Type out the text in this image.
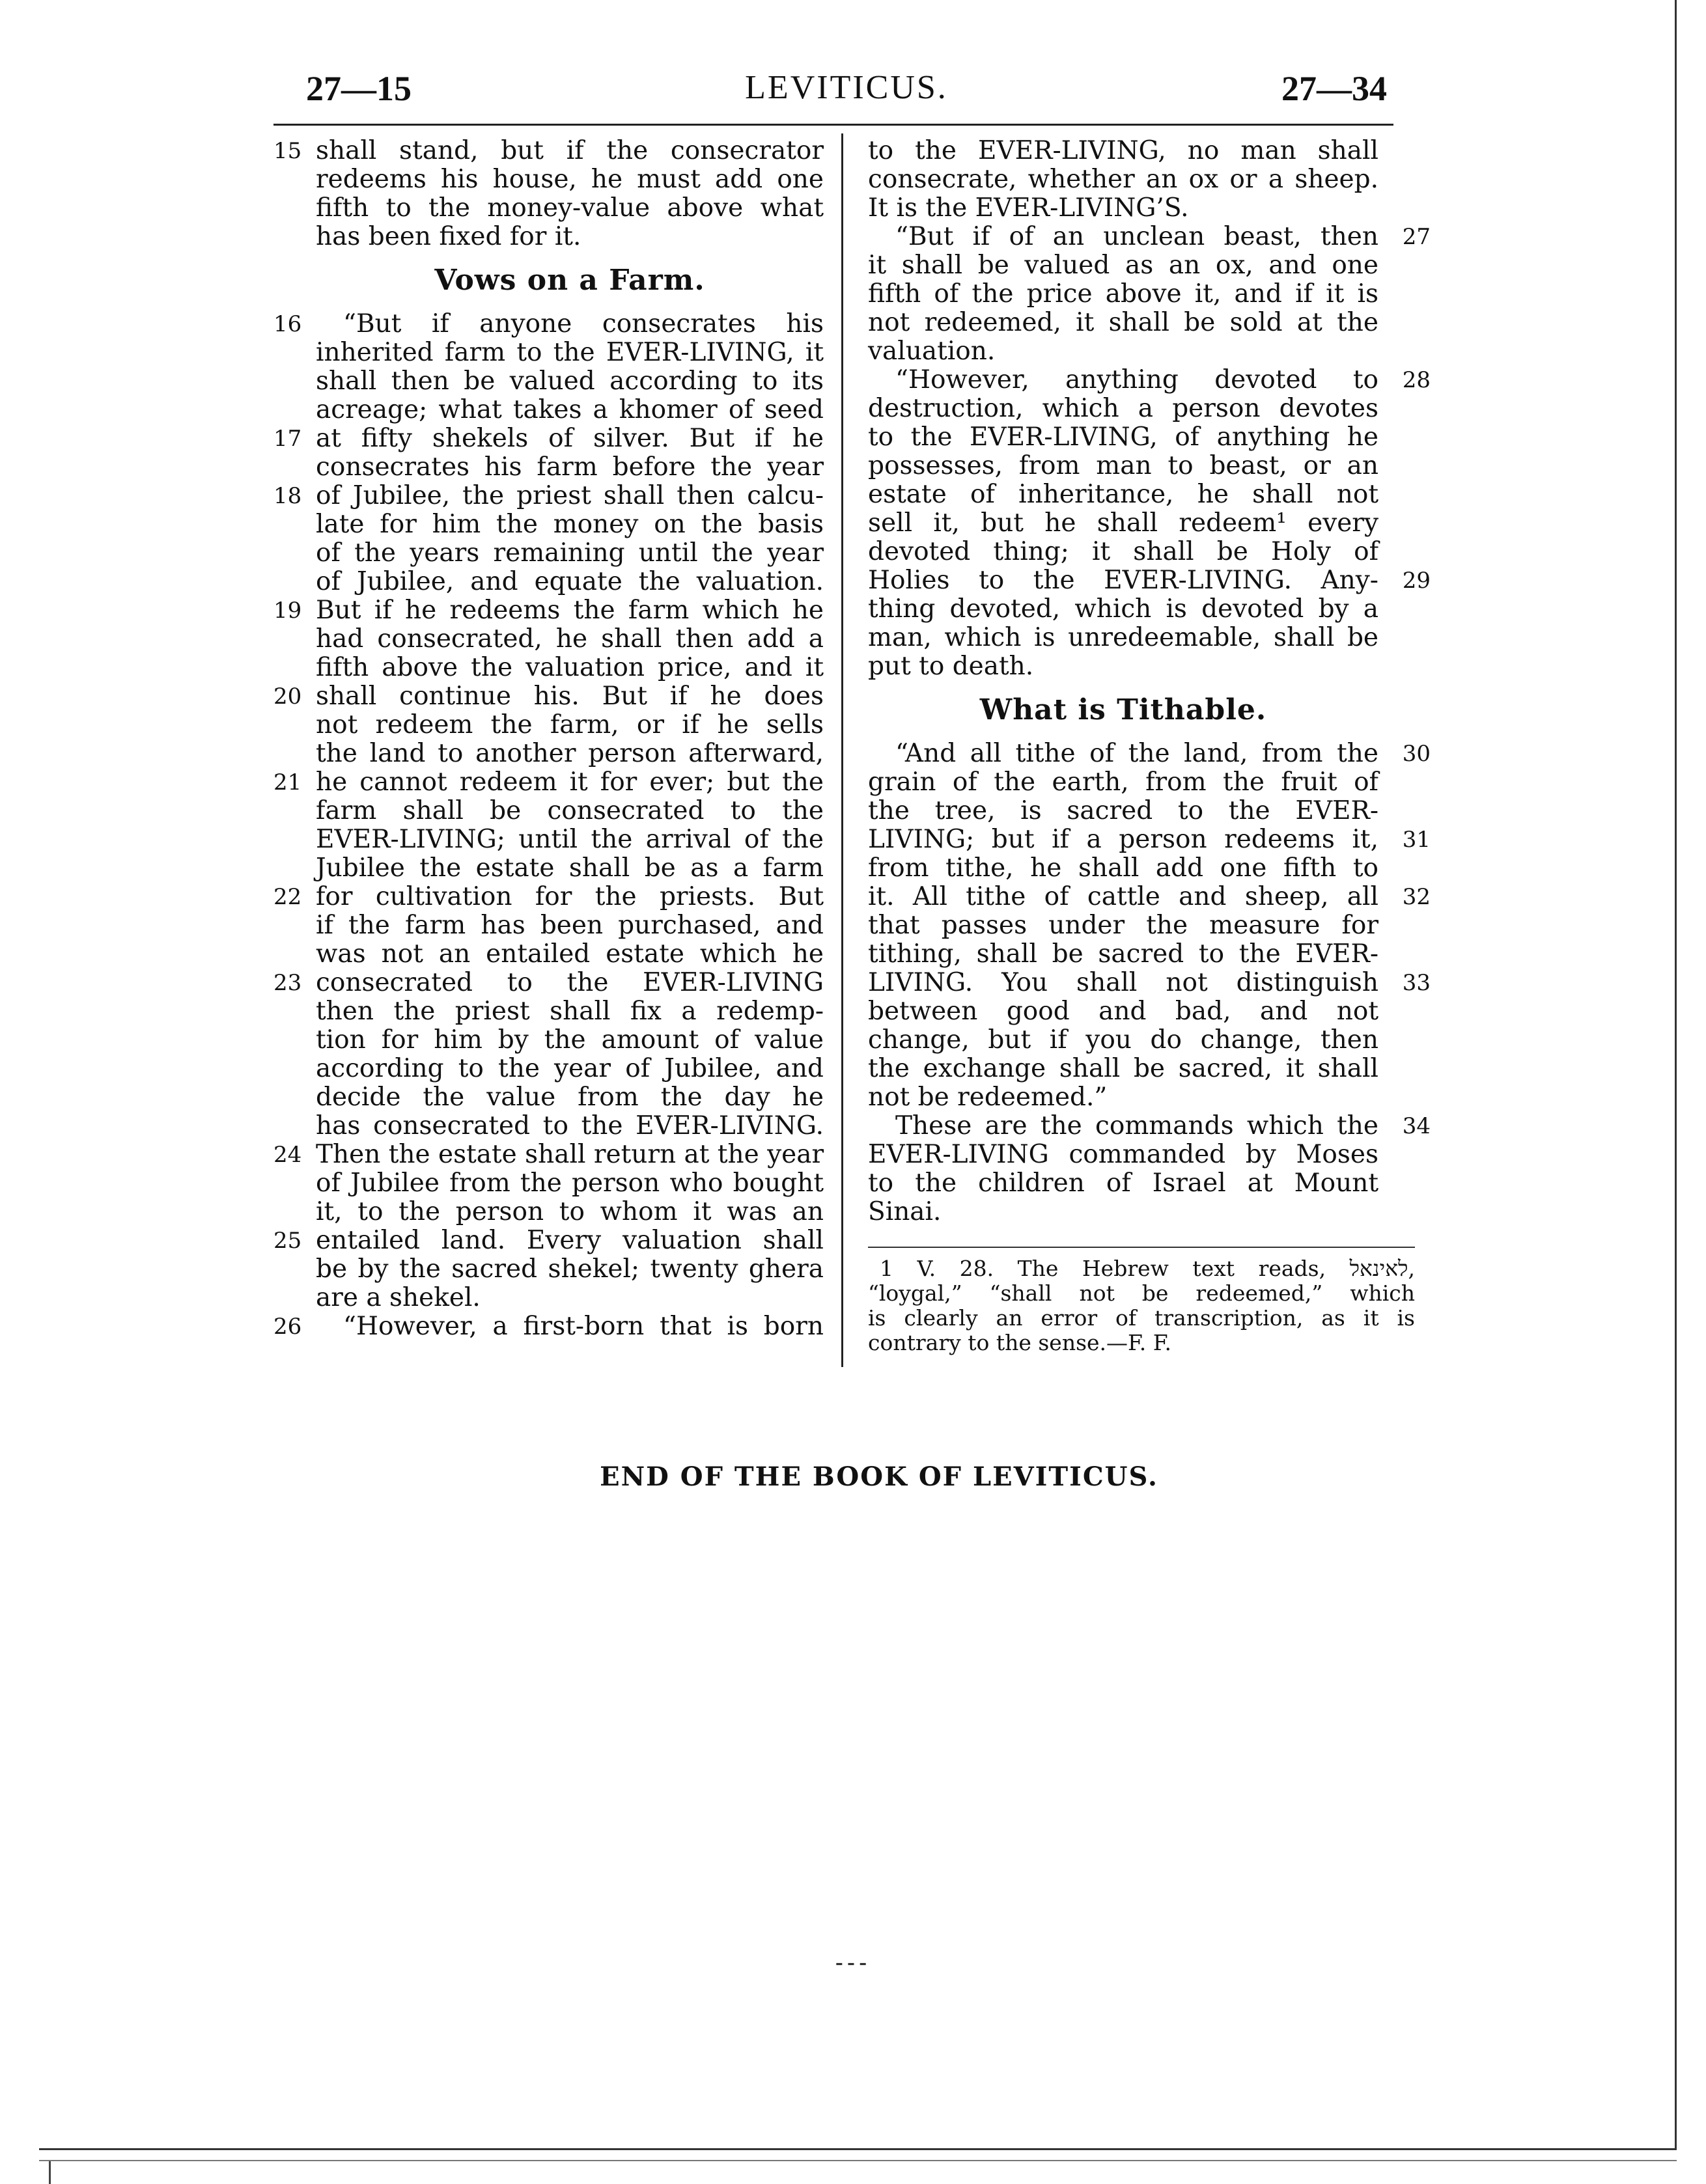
LEVITICUS.
27—15	27—34
15 shall stand, but if the consecrator
redeems his house, he must add one
fifth to the money-value above what
has been fixed for it.
Vows on a Farm.
16	“But if anyone consecrates his
inherited farm to the EVER-LIVING, it
shall then be valued according to its
acreage; what takes a khomer of seed
17 at fifty shekels of silver. But if he
consecrates his farm before the year
18 of Jubilee, the priest shall then calcu-
late for him the money on the basis
of the years remaining until the year
of Jubilee, and equate the valuation.
19 But if he redeems the farm which he
had consecrated, he shall then add a
fifth above the valuation price, and it
20 shall continue his. But if he does
not redeem the farm, or if he sells
the land to another person afterward,
21 he cannot redeem it for ever; but the
farm shall be consecrated to the
EVER-LIVING; until the arrival of the
Jubilee the estate shall be as a farm
22 for cultivation for the priests. But
if the farm has been purchased, and
was not an entailed estate which he
23 consecrated to the EVER-LIVING
then the priest shall fix a redemp-
tion for him by the amount of value
according to the year of Jubilee, and
decide the value from the day he
has consecrated to the EVER-LIVING.
24 Then the estate shall return at the year
of Jubilee from the person who bought
it, to the person to whom it was an
25 entailed land. Every valuation shall
be by the sacred shekel; twenty ghera
are a shekel.
26	“However, a first-born that is born
to the EVER-LIVING, no man shall
consecrate, whether an ox or a sheep.
It is the EVER-LIVING’S.
27
“But if of an unclean beast, then
it shall be valued as an ox, and one
fifth of the price above it, and if it is
not redeemed, it shall be sold at the
valuation.
28
“However, anything devoted to
destruction, which a person devotes
to the EVER-LIVING, of anything he
possesses, from man to beast, or an
estate of inheritance, he shall not
sell it, but he shall redeem¹ every
devoted thing; it shall be Holy of
29
Holies to the EVER-LIVING. Any-
thing devoted, which is devoted by a
man, which is unredeemable, shall be
put to death.
What is Tithable.
30
“And all tithe of the land, from the
grain of the earth, from the fruit of
the tree, is sacred to the EVER-
31
LIVING; but if a person redeems it,
from tithe, he shall add one fifth to
32
it. All tithe of cattle and sheep, all
that passes under the measure for
tithing, shall be sacred to the EVER-
33
LIVING. You shall not distinguish
between good and bad, and not
change, but if you do change, then
the exchange shall be sacred, it shall
not be redeemed.”
34
These are the commands which the
EVER-LIVING commanded by Moses
to the children of Israel at Mount
Sinai.
1 V. 28. The Hebrew text reads, לאינאל,
“loygal,” “shall not be redeemed,” which
is clearly an error of transcription, as it is
contrary to the sense.—F. F.
END OF THE BOOK OF LEVITICUS.
---
